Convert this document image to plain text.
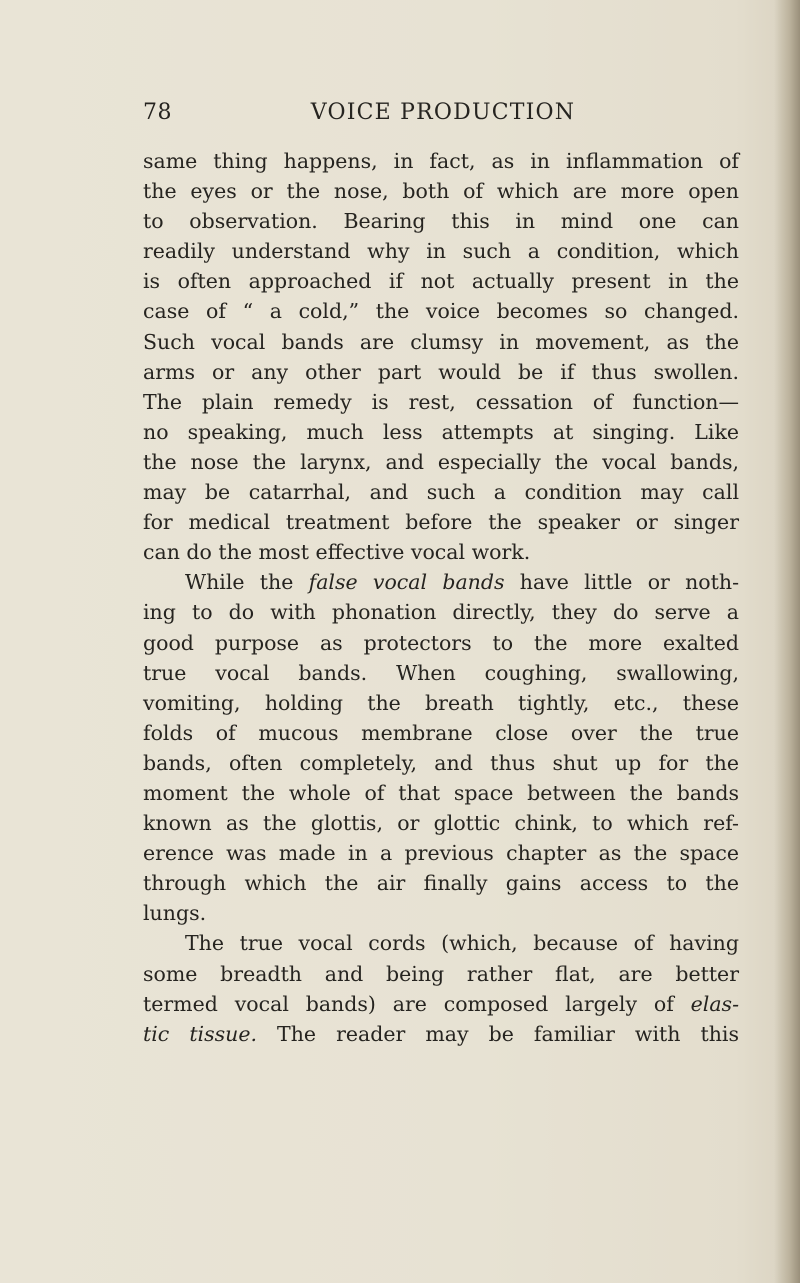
78	VOICE PRODUCTION
same thing happens, in fact, as in inflammation of
the eyes or the nose, both of which are more open
to observation. Bearing this in mind one can
readily understand why in such a condition, which
is often approached if not actually present in the
case of “ a cold,” the voice becomes so changed.
Such vocal bands are clumsy in movement, as the
arms or any other part would be if thus swollen.
The plain remedy is rest, cessation of function—
no speaking, much less attempts at singing. Like
the nose the larynx, and especially the vocal bands,
may be catarrhal, and such a condition may call
for medical treatment before the speaker or singer
can do the most effective vocal work.
While the false vocal bands have little or noth-
ing to do with phonation directly, they do serve a
good purpose as protectors to the more exalted
true vocal bands. When coughing, swallowing,
vomiting, holding the breath tightly, etc., these
folds of mucous membrane close over the true
bands, often completely, and thus shut up for the
moment the whole of that space between the bands
known as the glottis, or glottic chink, to which ref-
erence was made in a previous chapter as the space
through which the air finally gains access to the
lungs.
The true vocal cords (which, because of having
some breadth and being rather flat, are better
termed vocal bands) are composed largely of elas-
tic tissue. The reader may be familiar with this
